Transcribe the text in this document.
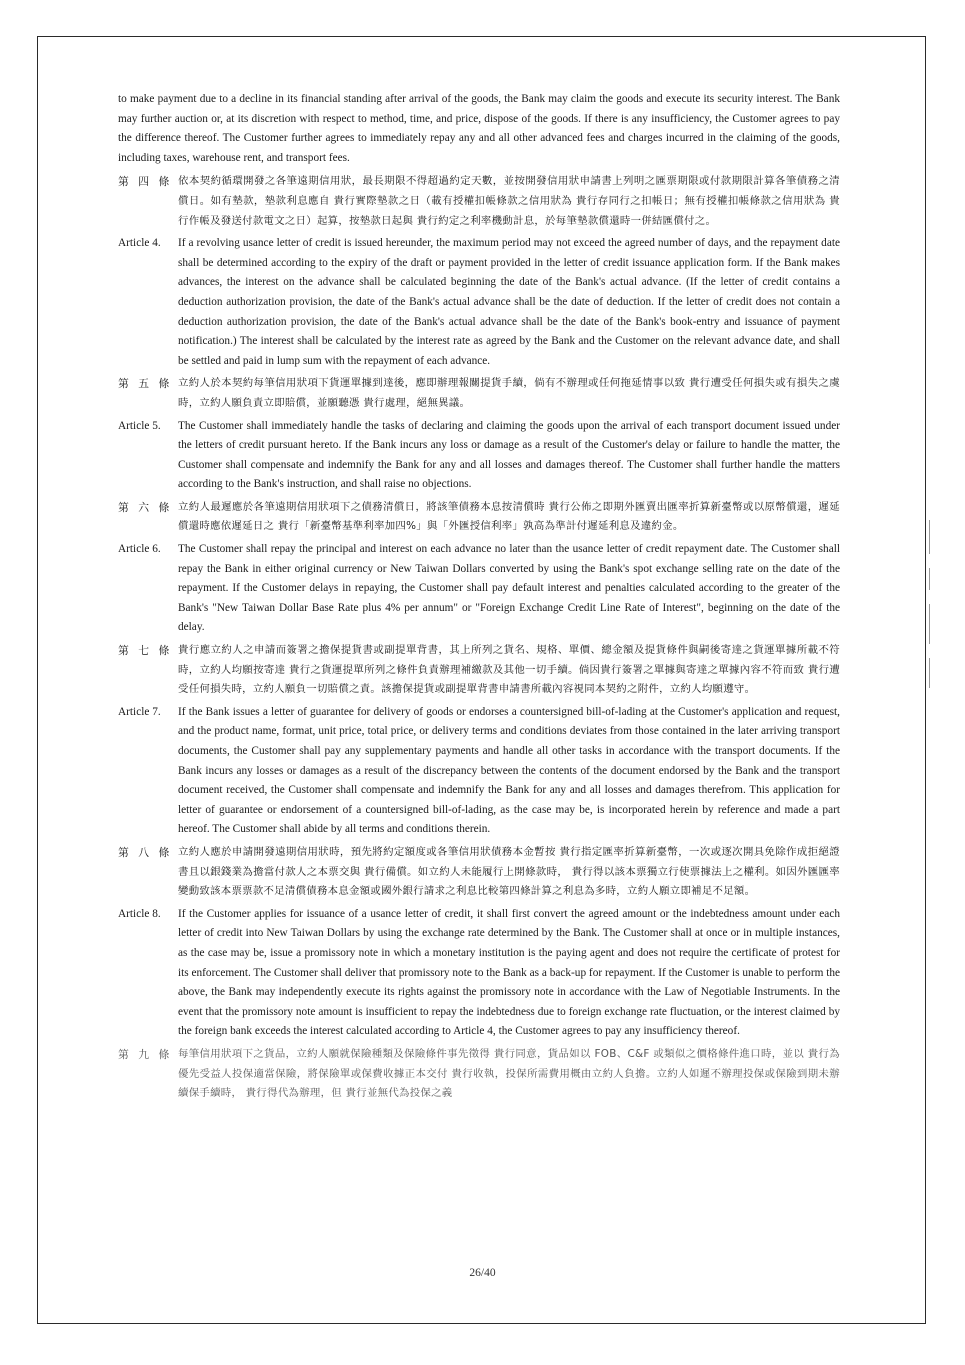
to make payment due to a decline in its financial standing after arrival of the goods, the Bank may claim the goods and execute its security interest. The Bank may further auction or, at its discretion with respect to method, time, and price, dispose of the goods. If there is any insufficiency, the Customer agrees to pay the difference thereof. The Customer further agrees to immediately repay any and all other advanced fees and charges incurred in the claiming of the goods, including taxes, warehouse rent, and transport fees.

第 四 條 依本契約循環開發之各筆遠期信用狀，最長期限不得超過約定天數，並按開發信用狀申請書上列明之匯票期限或付款期限計算各筆債務之清償日。如有墊款，墊款利息應自 貴行實際墊款之日（載有授權扣帳條款之信用狀為 貴行存同行之扣帳日；無有授權扣帳條款之信用狀為 貴行作帳及發送付款電文之日）起算，按墊款日起與 貴行約定之利率機動計息，於每筆墊款償還時一併結匯償付之。
Article 4.	If a revolving usance letter of credit is issued hereunder, the maximum period may not exceed the agreed number of days, and the repayment date shall be determined according to the expiry of the draft or payment provided in the letter of credit issuance application form. If the Bank makes advances, the interest on the advance shall be calculated beginning the date of the Bank's actual advance. (If the letter of credit contains a deduction authorization provision, the date of the Bank's actual advance shall be the date of deduction. If the letter of credit does not contain a deduction authorization provision, the date of the Bank's actual advance shall be the date of the Bank's book-entry and issuance of payment notification.) The interest shall be calculated by the interest rate as agreed by the Bank and the Customer on the relevant advance date, and shall be settled and paid in lump sum with the repayment of each advance.
第 五 條 立約人於本契約每筆信用狀項下貨運單據到達後，應即辦理報關提貨手續，倘有不辦理或任何拖延情事以致 貴行遭受任何損失或有損失之虞時，立約人願負責立即賠償，並願聽憑 貴行處理，絕無異議。
Article 5.	The Customer shall immediately handle the tasks of declaring and claiming the goods upon the arrival of each transport document issued under the letters of credit pursuant hereto. If the Bank incurs any loss or damage as a result of the Customer's delay or failure to handle the matter, the Customer shall compensate and indemnify the Bank for any and all losses and damages thereof. The Customer shall further handle the matters according to the Bank's instruction, and shall raise no objections.
第 六 條 立約人最遲應於各筆遠期信用狀項下之債務清償日，將該筆債務本息按清償時 貴行公佈之即期外匯賣出匯率折算新臺幣或以原幣償還，遲延償還時應依遲延日之 貴行「新臺幣基準利率加四%」與「外匯授信利率」孰高為準計付遲延利息及違約金。
Article 6.	The Customer shall repay the principal and interest on each advance no later than the usance letter of credit repayment date. The Customer shall repay the Bank in either original currency or New Taiwan Dollars converted by using the Bank's spot exchange selling rate on the date of the repayment. If the Customer delays in repaying, the Customer shall pay default interest and penalties calculated according to the greater of the Bank's "New Taiwan Dollar Base Rate plus 4% per annum" or "Foreign Exchange Credit Line Rate of Interest", beginning on the date of the delay.
第 七 條 貴行應立約人之申請而簽署之擔保提貨書或副提單背書，其上所列之貨名、規格、單價、總金額及提貨條件與嗣後寄達之貨運單據所載不符時，立約人均願按寄達 貴行之貨運提單所列之條件負責辦理補繳款及其他一切手續。倘因貴行簽署之單據與寄達之單據內容不符而致 貴行遭受任何損失時，立約人願負一切賠償之責。該擔保提貨或副提單背書申請書所載內容視同本契約之附件，立約人均願遵守。
Article 7.	If the Bank issues a letter of guarantee for delivery of goods or endorses a countersigned bill-of-lading at the Customer's application and request, and the product name, format, unit price, total price, or delivery terms and conditions deviates from those contained in the later arriving transport documents, the Customer shall pay any supplementary payments and handle all other tasks in accordance with the transport documents. If the Bank incurs any losses or damages as a result of the discrepancy between the contents of the document endorsed by the Bank and the transport document received, the Customer shall compensate and indemnify the Bank for any and all losses and damages therefrom. This application for letter of guarantee or endorsement of a countersigned bill-of-lading, as the case may be, is incorporated herein by reference and made a part hereof. The Customer shall abide by all terms and conditions therein.
第 八 條 立約人應於申請開發遠期信用狀時，預先將約定額度或各筆信用狀債務本金暫按 貴行指定匯率折算新臺幣，一次或逐次開具免除作成拒絕證書且以銀錢業為擔當付款人之本票交與 貴行備償。如立約人未能履行上開條款時， 貴行得以該本票獨立行使票據法上之權利。如因外匯匯率變動致該本票票款不足清償債務本息金額或國外銀行請求之利息比較第四條計算之利息為多時，立約人願立即補足不足額。
Article 8.	If the Customer applies for issuance of a usance letter of credit, it shall first convert the agreed amount or the indebtedness amount under each letter of credit into New Taiwan Dollars by using the exchange rate determined by the Bank. The Customer shall at once or in multiple instances, as the case may be, issue a promissory note in which a monetary institution is the paying agent and does not require the certificate of protest for its enforcement. The Customer shall deliver that promissory note to the Bank as a back-up for repayment. If the Customer is unable to perform the above, the Bank may independently execute its rights against the promissory note in accordance with the Law of Negotiable Instruments. In the event that the promissory note amount is insufficient to repay the indebtedness due to foreign exchange rate fluctuation, or the interest claimed by the foreign bank exceeds the interest calculated according to Article 4, the Customer agrees to pay any insufficiency thereof.
第 九 條 每筆信用狀項下之貨品，立約人願就保險種類及保險條件事先徵得 貴行同意，貨品如以 FOB、C&F 或類似之價格條件進口時，並以 貴行為優先受益人投保適當保險，將保險單或保費收據正本交付 貴行收執，投保所需費用概由立約人負擔。立約人如遲不辦理投保或保險到期未辦續保手續時， 貴行得代為辦理，但 貴行並無代為投保之義
26/40
